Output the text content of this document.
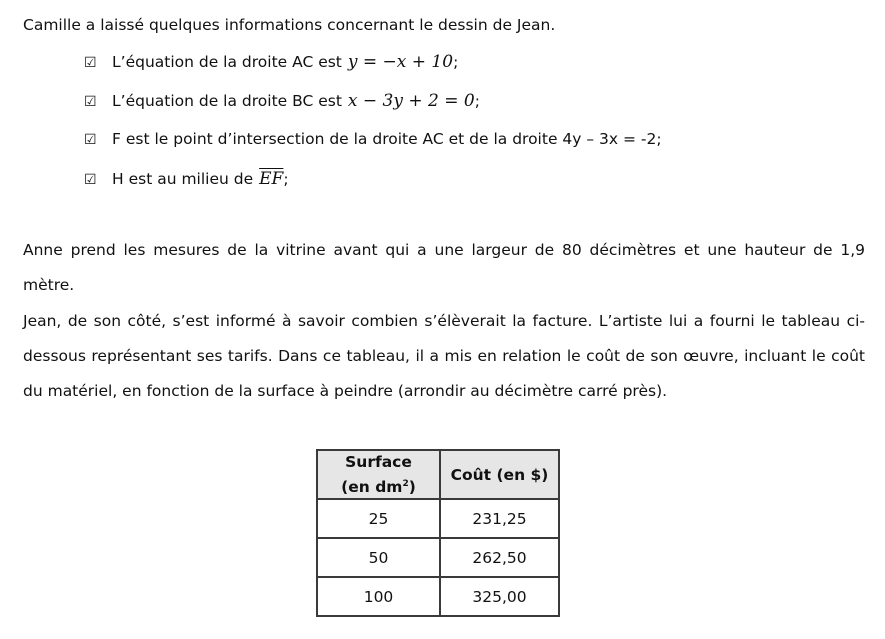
Camille a laissé quelques informations concernant le dessin de Jean.
☑ L’équation de la droite AC est y = −x + 10 ;
☑ L’équation de la droite BC est x − 3y + 2 = 0 ;
☑ F est le point d’intersection de la droite AC et de la droite 4y – 3x = -2;
☑ H est au milieu de $\overline{EF}$ ;
Anne prend les mesures de la vitrine avant qui a une largeur de 80 décimètres et une hauteur de 1,9
mètre.
Jean, de son côté, s’est informé à savoir combien s’élèverait la facture. L’artiste lui a fourni le tableau ci-
dessous représentant ses tarifs. Dans ce tableau, il a mis en relation le coût de son œuvre, incluant le coût
du matériel, en fonction de la surface à peindre (arrondir au décimètre carré près).
Surface
(en $dm^2$)	Coût (en $)
25	231,25
50	262,50
100	325,00
